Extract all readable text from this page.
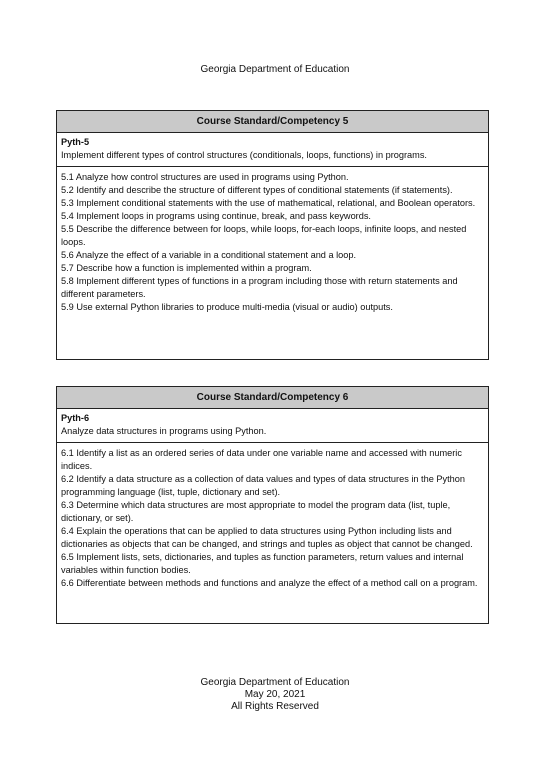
Georgia Department of Education
Course Standard/Competency 5
Pyth-5
Implement different types of control structures (conditionals, loops, functions) in programs.
5.1 Analyze how control structures are used in programs using Python.
5.2 Identify and describe the structure of different types of conditional statements (if statements).
5.3 Implement conditional statements with the use of mathematical, relational, and Boolean operators.
5.4 Implement loops in programs using continue, break, and pass keywords.
5.5 Describe the difference between for loops, while loops, for-each loops, infinite loops, and nested loops.
5.6 Analyze the effect of a variable in a conditional statement and a loop.
5.7 Describe how a function is implemented within a program.
5.8 Implement different types of functions in a program including those with return statements and different parameters.
5.9 Use external Python libraries to produce multi-media (visual or audio) outputs.
Course Standard/Competency 6
Pyth-6
Analyze data structures in programs using Python.
6.1 Identify a list as an ordered series of data under one variable name and accessed with numeric indices.
6.2 Identify a data structure as a collection of data values and types of data structures in the Python programming language (list, tuple, dictionary and set).
6.3 Determine which data structures are most appropriate to model the program data (list, tuple, dictionary, or set).
6.4 Explain the operations that can be applied to data structures using Python including lists and dictionaries as objects that can be changed, and strings and tuples as object that cannot be changed.
6.5 Implement lists, sets, dictionaries, and tuples as function parameters, return values and internal variables within function bodies.
6.6 Differentiate between methods and functions and analyze the effect of a method call on a program.
Georgia Department of Education
May 20, 2021
All Rights Reserved
